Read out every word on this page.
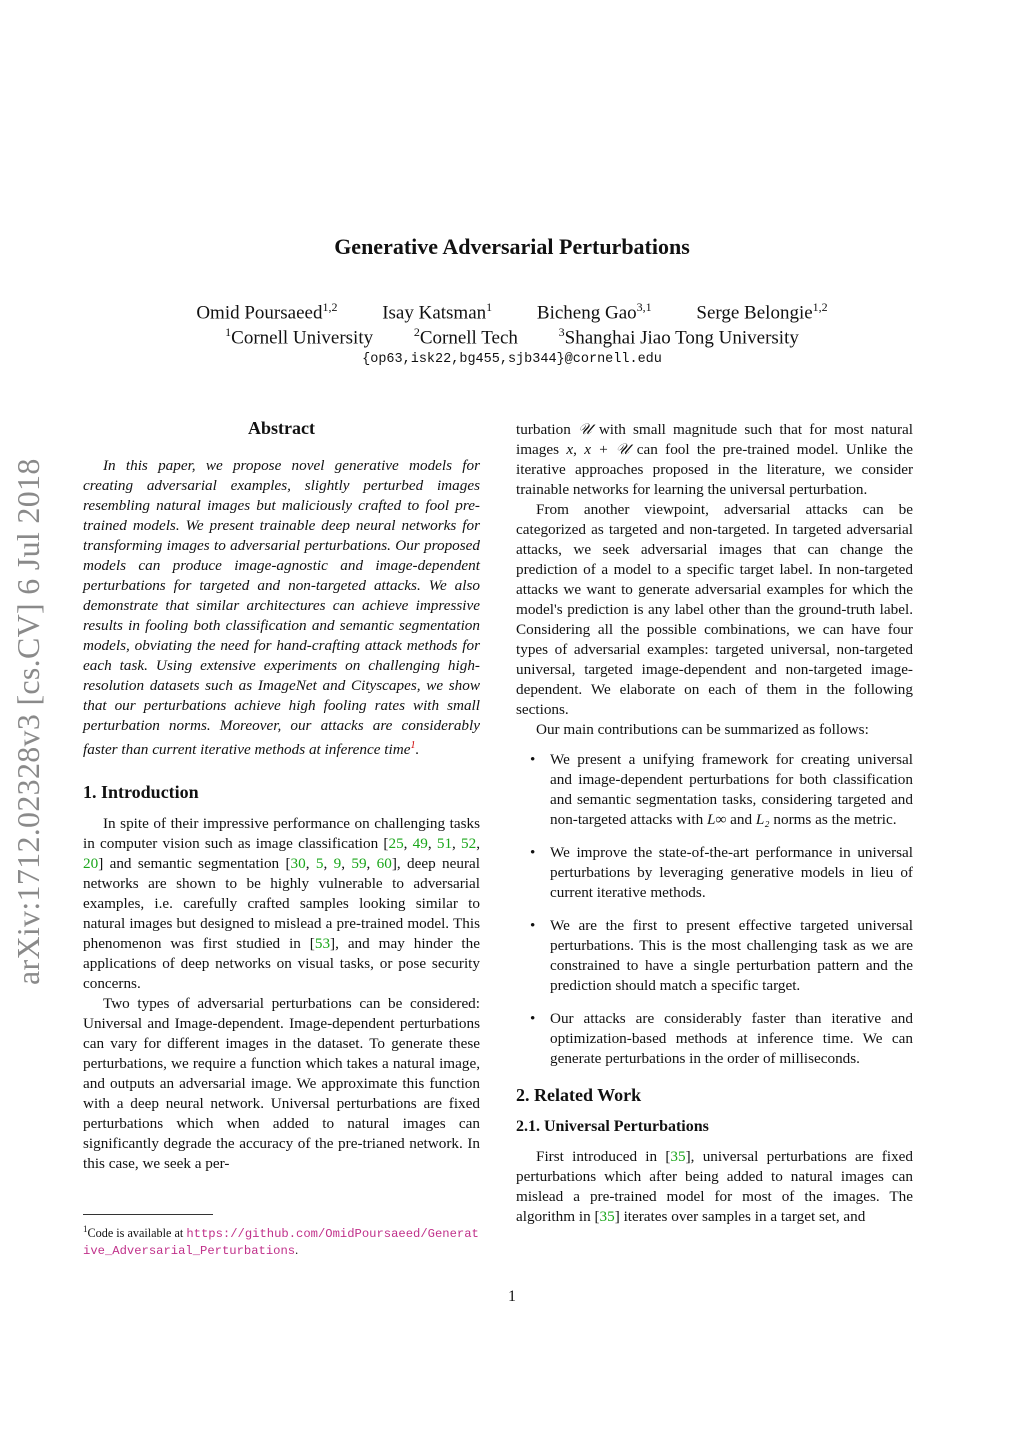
Generative Adversarial Perturbations
Omid Poursaeed$^{1,2}$ Isay Katsman$^1$ Bicheng Gao$^{3,1}$ Serge Belongie$^{1,2}$
$^1$Cornell University	$^2$Cornell Tech	$^3$Shanghai Jiao Tong University
{op63,isk22,bg455,sjb344}@cornell.edu
arXiv:1712.02328v3 [cs.CV] 6 Jul 2018
Abstract

In this paper, we propose novel generative models for creating adversarial examples, slightly perturbed images resembling natural images but maliciously crafted to fool pre-trained models. We present trainable deep neural networks for transforming images to adversarial perturbations. Our proposed models can produce image-agnostic and image-dependent perturbations for targeted and non-targeted attacks. We also demonstrate that similar architectures can achieve impressive results in fooling both classification and semantic segmentation models, obviating the need for hand-crafting attack methods for each task. Using extensive experiments on challenging high-resolution datasets such as ImageNet and Cityscapes, we show that our perturbations achieve high fooling rates with small perturbation norms. Moreover, our attacks are considerably faster than current iterative methods at inference time$^1$.

1. Introduction

In spite of their impressive performance on challenging tasks in computer vision such as image classification [25, 49, 51, 52, 20] and semantic segmentation [30, 5, 9, 59, 60], deep neural networks are shown to be highly vulnerable to adversarial examples, i.e. carefully crafted samples looking similar to natural images but designed to mislead a pre-trained model. This phenomenon was first studied in [53], and may hinder the applications of deep networks on visual tasks, or pose security concerns.

Two types of adversarial perturbations can be considered: Universal and Image-dependent. Image-dependent perturbations can vary for different images in the dataset. To generate these perturbations, we require a function which takes a natural image, and outputs an adversarial image. We approximate this function with a deep neural network. Universal perturbations are fixed perturbations which when added to natural images can significantly degrade the accuracy of the pre-trianed network. In this case, we seek a per-

$^1$Code is available at https://github.com/OmidPoursaeed/Generative_Adversarial_Perturbations.

turbation 𝒰 with small magnitude such that for most natural images x, x + 𝒰 can fool the pre-trained model. Unlike the iterative approaches proposed in the literature, we consider trainable networks for learning the universal perturbation.

From another viewpoint, adversarial attacks can be categorized as targeted and non-targeted. In targeted adversarial attacks, we seek adversarial images that can change the prediction of a model to a specific target label. In non-targeted attacks we want to generate adversarial examples for which the model's prediction is any label other than the ground-truth label. Considering all the possible combinations, we can have four types of adversarial examples: targeted universal, non-targeted universal, targeted image-dependent and non-targeted image-dependent. We elaborate on each of them in the following sections.

Our main contributions can be summarized as follows:

• We present a unifying framework for creating universal and image-dependent perturbations for both classification and semantic segmentation tasks, considering targeted and non-targeted attacks with L∞ and L₂ norms as the metric.
• We improve the state-of-the-art performance in universal perturbations by leveraging generative models in lieu of current iterative methods.
• We are the first to present effective targeted universal perturbations. This is the most challenging task as we are constrained to have a single perturbation pattern and the prediction should match a specific target.
• Our attacks are considerably faster than iterative and optimization-based methods at inference time. We can generate perturbations in the order of milliseconds.
2. Related Work
2.1. Universal Perturbations

First introduced in [35], universal perturbations are fixed perturbations which after being added to natural images can mislead a pre-trained model for most of the images. The algorithm in [35] iterates over samples in a target set, and

1
